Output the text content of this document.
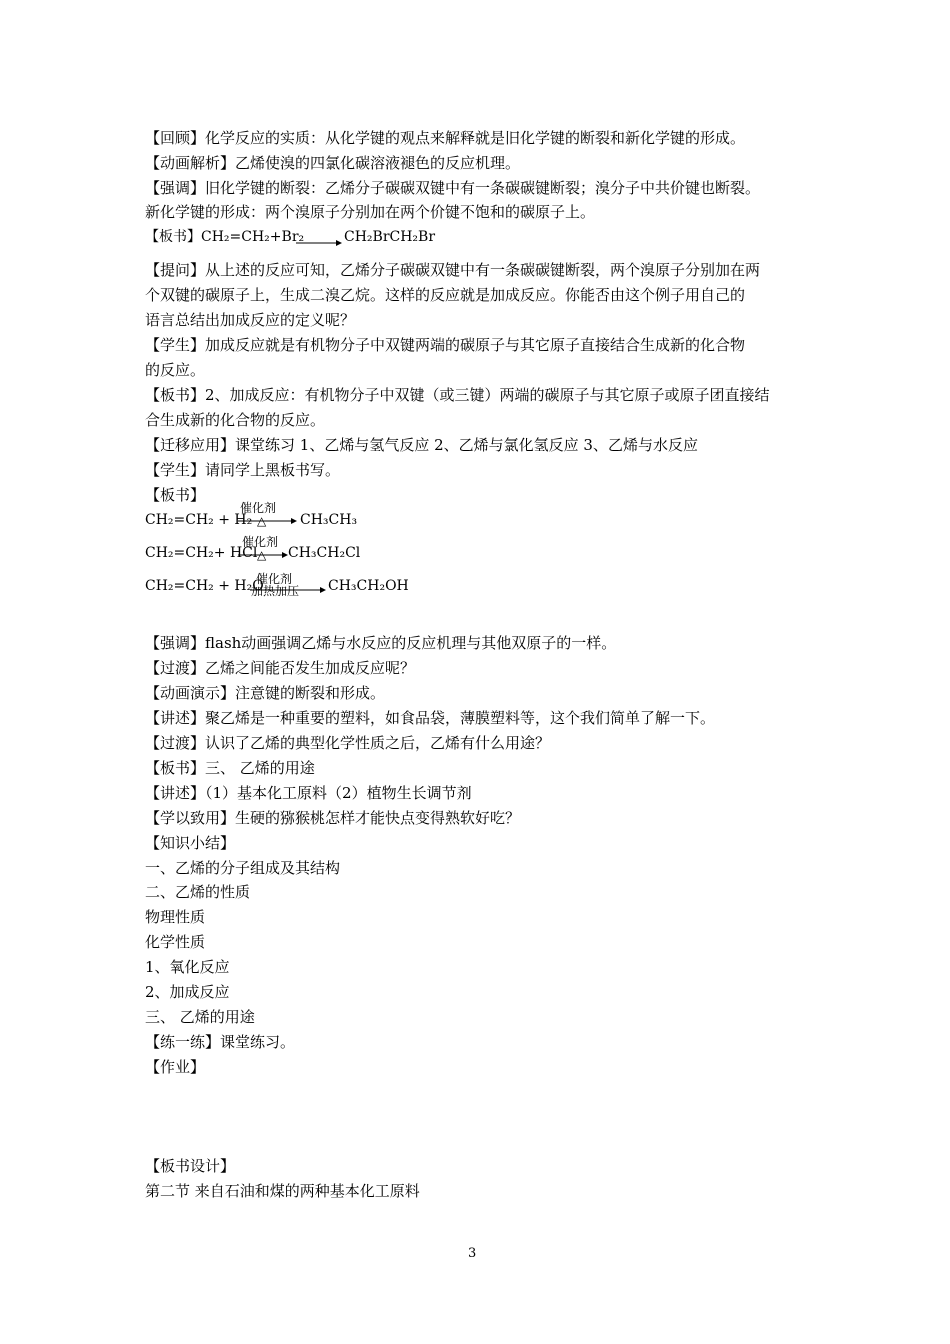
【回顾】化学反应的实质：从化学键的观点来解释就是旧化学键的断裂和新化学键的形成。
【动画解析】乙烯使溴的四氯化碳溶液褪色的反应机理。
【强调】旧化学键的断裂：乙烯分子碳碳双键中有一条碳碳键断裂；溴分子中共价键也断裂。
新化学键的形成：两个溴原子分别加在两个价键不饱和的碳原子上。
【板书】CH₂=CH₂+Br₂ → CH₂BrCH₂Br
【提问】从上述的反应可知，乙烯分子碳碳双键中有一条碳碳键断裂，两个溴原子分别加在两
个双键的碳原子上，生成二溴乙烷。这样的反应就是加成反应。你能否由这个例子用自己的
语言总结出加成反应的定义呢？
【学生】加成反应就是有机物分子中双键两端的碳原子与其它原子直接结合生成新的化合物
的反应。
【板书】2、加成反应：有机物分子中双键（或三键）两端的碳原子与其它原子或原子团直接结
合生成新的化合物的反应。
【迁移应用】课堂练习 1、乙烯与氢气反应 2、乙烯与氯化氢反应 3、乙烯与水反应
【学生】请同学上黑板书写。
【板书】
CH₂=CH₂ + H₂
催化剂
△ CH₃CH₃
CH₂=CH₂+ HCl
催化剂
△ CH₃CH₂Cl
CH₂=CH₂ + H₂O
催化剂
加热加压 CH₃CH₂OH
【强调】flash动画强调乙烯与水反应的反应机理与其他双原子的一样。
【过渡】乙烯之间能否发生加成反应呢？
【动画演示】注意键的断裂和形成。
【讲述】聚乙烯是一种重要的塑料，如食品袋，薄膜塑料等，这个我们简单了解一下。
【过渡】认识了乙烯的典型化学性质之后，乙烯有什么用途？
【板书】三、 乙烯的用途
【讲述】（1）基本化工原料（2）植物生长调节剂
【学以致用】生硬的猕猴桃怎样才能快点变得熟软好吃？
【知识小结】
一、乙烯的分子组成及其结构
二、乙烯的性质
物理性质
化学性质
1、氧化反应
2、加成反应
三、 乙烯的用途
【练一练】课堂练习。
【作业】
【板书设计】
第二节 来自石油和煤的两种基本化工原料
3
